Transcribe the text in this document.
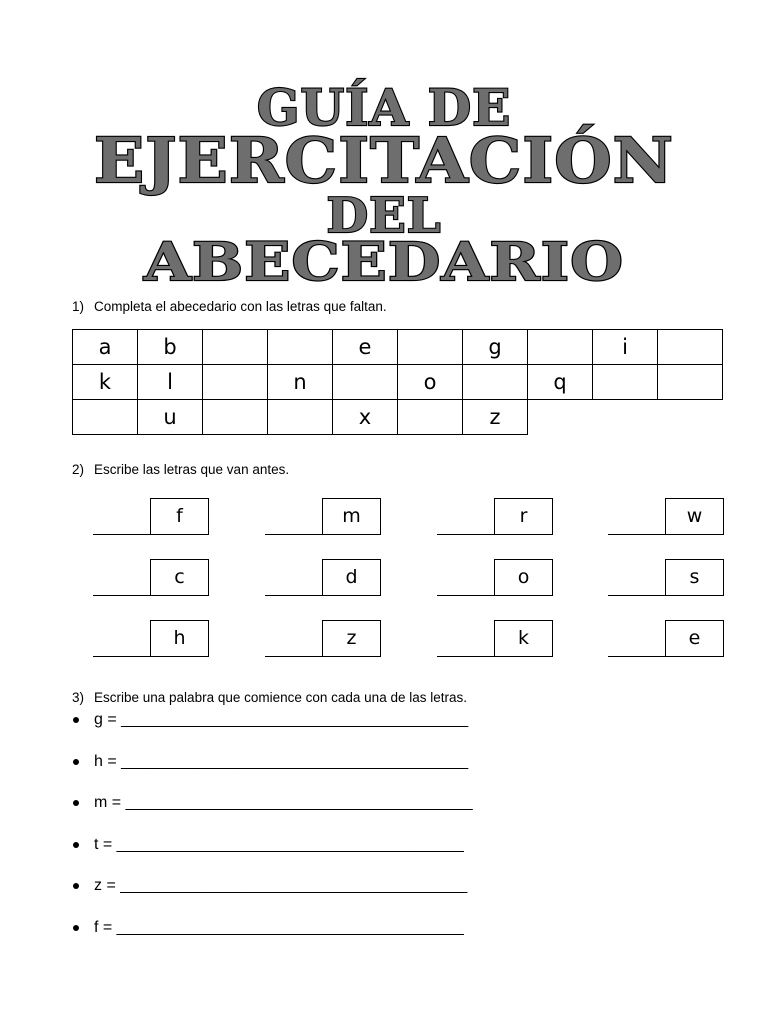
GUÍA DE
EJERCITACIÓN
DEL
ABECEDARIO
1) Completa el abecedario con las letras que faltan.
a	b			e		g		i	
k	l		n		o		q		
	u			x		z			
2) Escribe las letras que van antes.
f	m	r	w
c	d	o	s
h	z	k	e
3) Escribe una palabra que comience con cada una de las letras.
g = _______________________________________
h = _______________________________________
m = _______________________________________
t = _______________________________________
z = _______________________________________
f = _______________________________________
